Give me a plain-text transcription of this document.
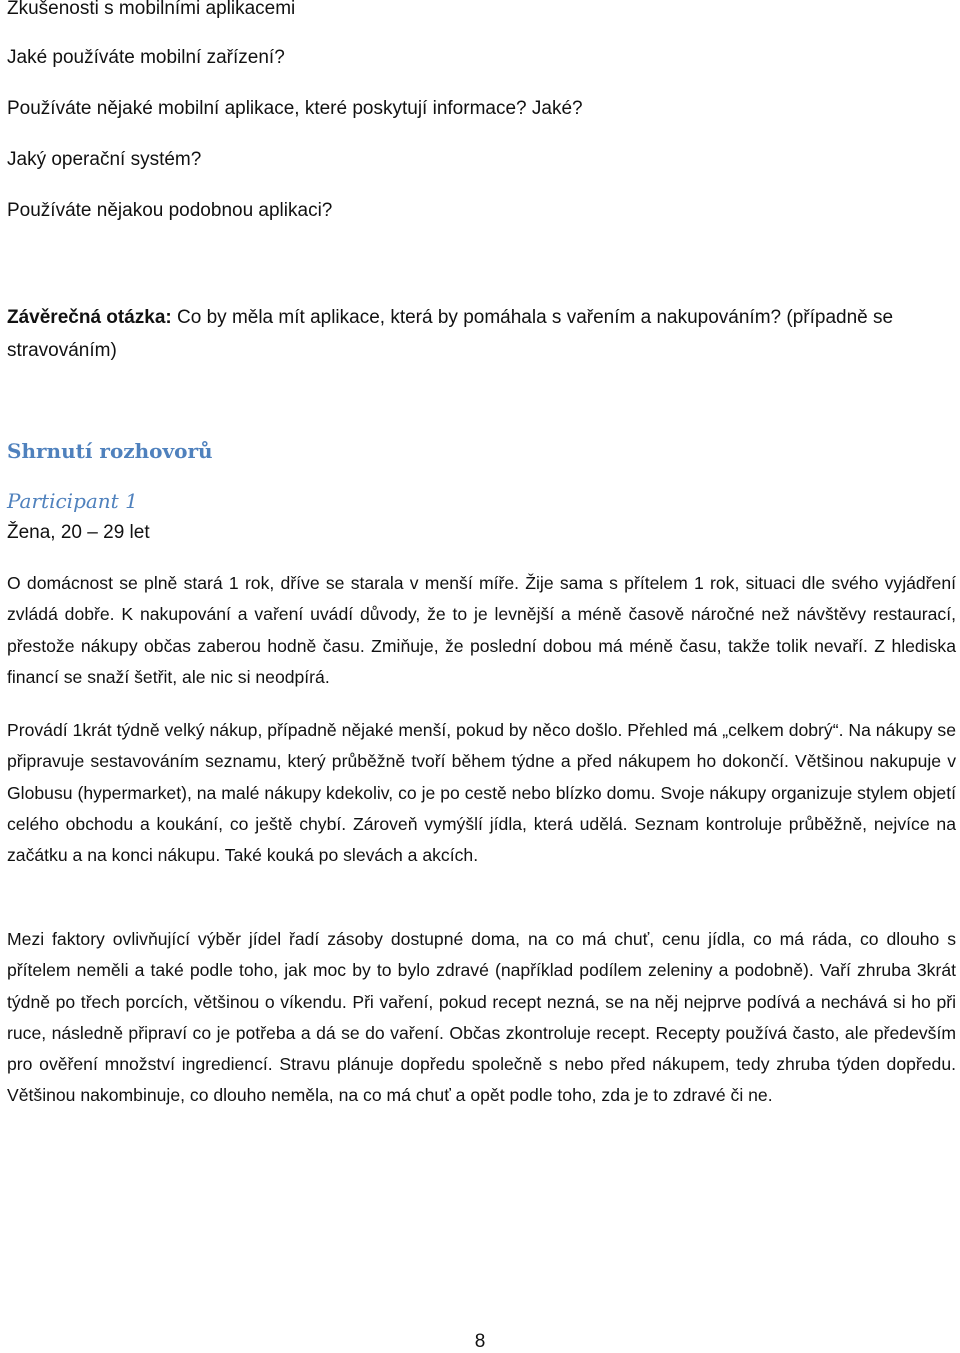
Zkušenosti s mobilními aplikacemi
Jaké používáte mobilní zařízení?
Používáte nějaké mobilní aplikace, které poskytují informace? Jaké?
Jaký operační systém?
Používáte nějakou podobnou aplikaci?
Závěrečná otázka: Co by měla mít aplikace, která by pomáhala s vařením a nakupováním? (případně se
stravováním)
Shrnutí rozhovorů
Participant 1
Žena, 20 – 29 let
O domácnost se plně stará 1 rok, dříve se starala v menší míře. Žije sama s přítelem 1 rok, situaci dle svého vyjádření zvládá dobře. K nakupování a vaření uvádí důvody, že to je levnější a méně časově náročné než návštěvy restaurací, přestože nákupy občas zaberou hodně času. Zmiňuje, že poslední dobou má méně času, takže tolik nevaří. Z hlediska financí se snaží šetřit, ale nic si neodpírá.
Provádí 1krát týdně velký nákup, případně nějaké menší, pokud by něco došlo. Přehled má „celkem dobrý“. Na nákupy se připravuje sestavováním seznamu, který průběžně tvoří během týdne a před nákupem ho dokončí. Většinou nakupuje v Globusu (hypermarket), na malé nákupy kdekoliv, co je po cestě nebo blízko domu. Svoje nákupy organizuje stylem objetí celého obchodu a koukání, co ještě chybí. Zároveň vymýšlí jídla, která udělá. Seznam kontroluje průběžně, nejvíce na začátku a na konci nákupu. Také kouká po slevách a akcích.
Mezi faktory ovlivňující výběr jídel řadí zásoby dostupné doma, na co má chuť, cenu jídla, co má ráda, co dlouho s přítelem neměli a také podle toho, jak moc by to bylo zdravé (například podílem zeleniny a podobně). Vaří zhruba 3krát týdně po třech porcích, většinou o víkendu. Při vaření, pokud recept nezná, se na něj nejprve podívá a nechává si ho při ruce, následně připraví co je potřeba a dá se do vaření. Občas zkontroluje recept. Recepty používá často, ale především pro ověření množství ingrediencí. Stravu plánuje dopředu společně s nebo před nákupem, tedy zhruba týden dopředu. Většinou nakombinuje, co dlouho neměla, na co má chuť a opět podle toho, zda je to zdravé či ne.
8
